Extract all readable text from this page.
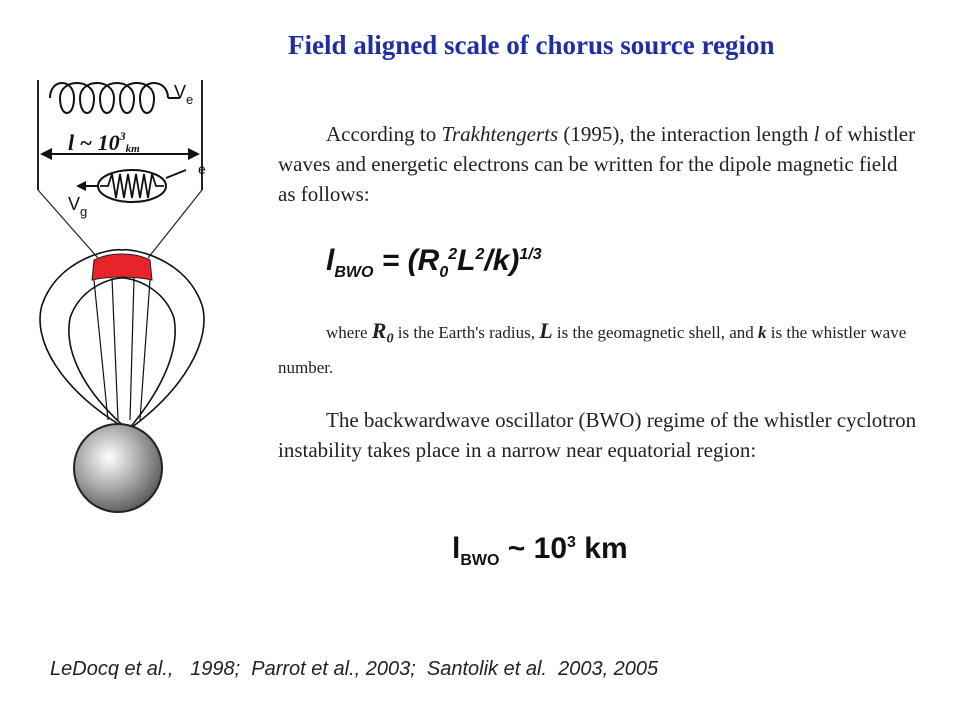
Field aligned scale of chorus source region
$V_e$
l ~ $10^3_{km}$
$V_g$
e
According to Trakhtengerts (1995), the interaction length l of whistler waves and energetic electrons can be written for the dipole magnetic field as follows:
$l_{BWO} = (R_0^2L^2/k)^{1/3}$
where $R_0$ is the Earth's radius, L is the geomagnetic shell, and k is the whistler wave number.
The backwardwave oscillator (BWO) regime of the whistler cyclotron instability takes place in a narrow near equatorial region:
$l_{BWO}$ ~ $10^3$ km
LeDocq et al.,   1998;  Parrot et al., 2003;  Santolik et al.  2003, 2005
